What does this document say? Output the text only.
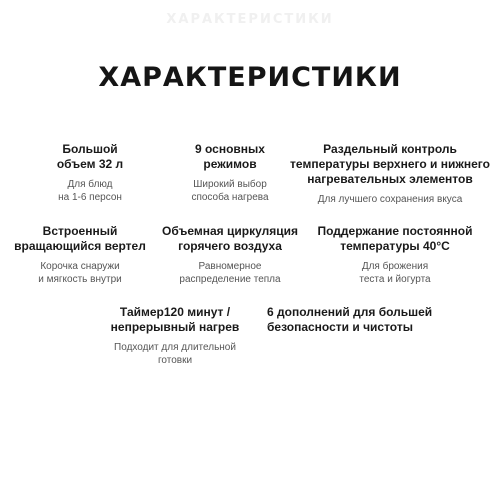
ХАРАКТЕРИСТИКИ
ХАРАКТЕРИСТИКИ
Большой
объем 32 л
Для блюд
на 1-6 персон
9 основных
режимов
Широкий выбор
способа нагрева
Раздельный контроль
температуры верхнего и нижнего
нагревательных элементов
Для лучшего сохранения вкуса
Встроенный
вращающийся вертел
Корочка снаружи
и мягкость внутри
Объемная циркуляция
горячего воздуха
Равномерное
распределение тепла
Поддержание постоянной
температуры 40°C
Для брожения
теста и йогурта
Таймер120 минут /
непрерывный нагрев
Подходит для длительной
готовки
6 дополнений для большей
безопасности и чистоты
